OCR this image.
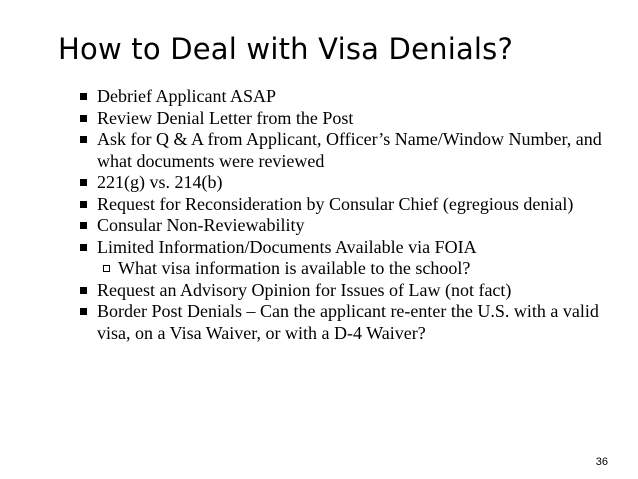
How to Deal with Visa Denials?
Debrief Applicant ASAP
Review Denial Letter from the Post
Ask for Q & A from Applicant, Officer’s Name/Window Number, and what documents were reviewed
221(g) vs. 214(b)
Request for Reconsideration by Consular Chief (egregious denial)
Consular Non-Reviewability
Limited Information/Documents Available via FOIA
What visa information is available to the school?
Request an Advisory Opinion for Issues of Law (not fact)
Border Post Denials – Can the applicant re-enter the U.S. with a valid visa, on a Visa Waiver, or with a D-4 Waiver?
36
